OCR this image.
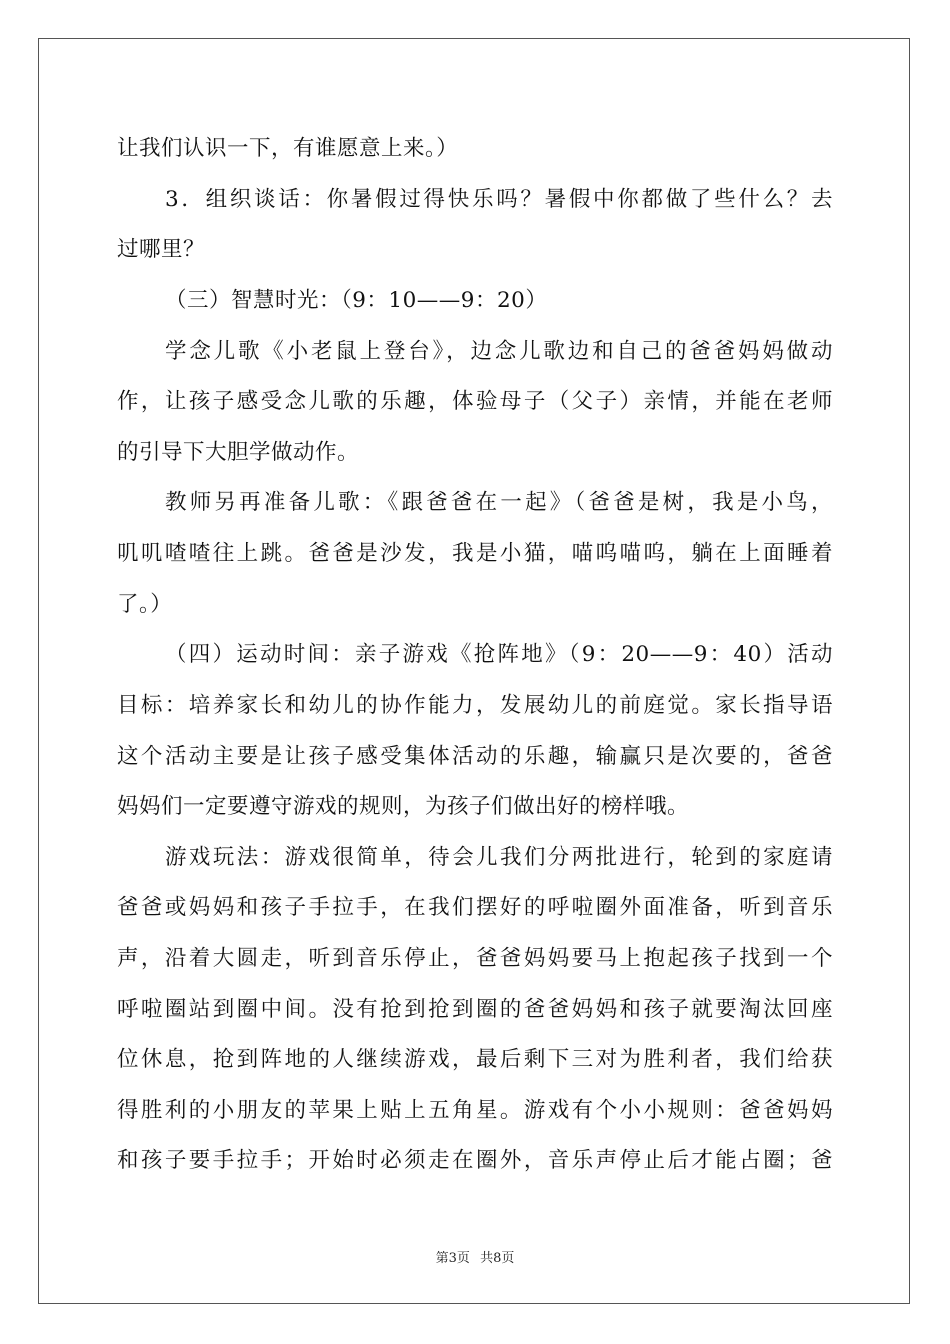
让我们认识一下，有谁愿意上来。）
3．组织谈话：你暑假过得快乐吗？暑假中你都做了些什么？去
过哪里？
（三）智慧时光：（9：10——9：20）
学念儿歌《小老鼠上登台》，边念儿歌边和自己的爸爸妈妈做动
作，让孩子感受念儿歌的乐趣，体验母子（父子）亲情，并能在老师
的引导下大胆学做动作。
教师另再准备儿歌：《跟爸爸在一起》（爸爸是树，我是小鸟，
叽叽喳喳往上跳。爸爸是沙发，我是小猫，喵呜喵呜，躺在上面睡着
了。）
（四）运动时间：亲子游戏《抢阵地》（9：20——9：40）活动
目标：培养家长和幼儿的协作能力，发展幼儿的前庭觉。家长指导语
这个活动主要是让孩子感受集体活动的乐趣，输赢只是次要的，爸爸
妈妈们一定要遵守游戏的规则，为孩子们做出好的榜样哦。
游戏玩法：游戏很简单，待会儿我们分两批进行，轮到的家庭请
爸爸或妈妈和孩子手拉手，在我们摆好的呼啦圈外面准备，听到音乐
声，沿着大圆走，听到音乐停止，爸爸妈妈要马上抱起孩子找到一个
呼啦圈站到圈中间。没有抢到抢到圈的爸爸妈妈和孩子就要淘汰回座
位休息，抢到阵地的人继续游戏，最后剩下三对为胜利者，我们给获
得胜利的小朋友的苹果上贴上五角星。游戏有个小小规则：爸爸妈妈
和孩子要手拉手；开始时必须走在圈外，音乐声停止后才能占圈；爸
第3页 共8页
